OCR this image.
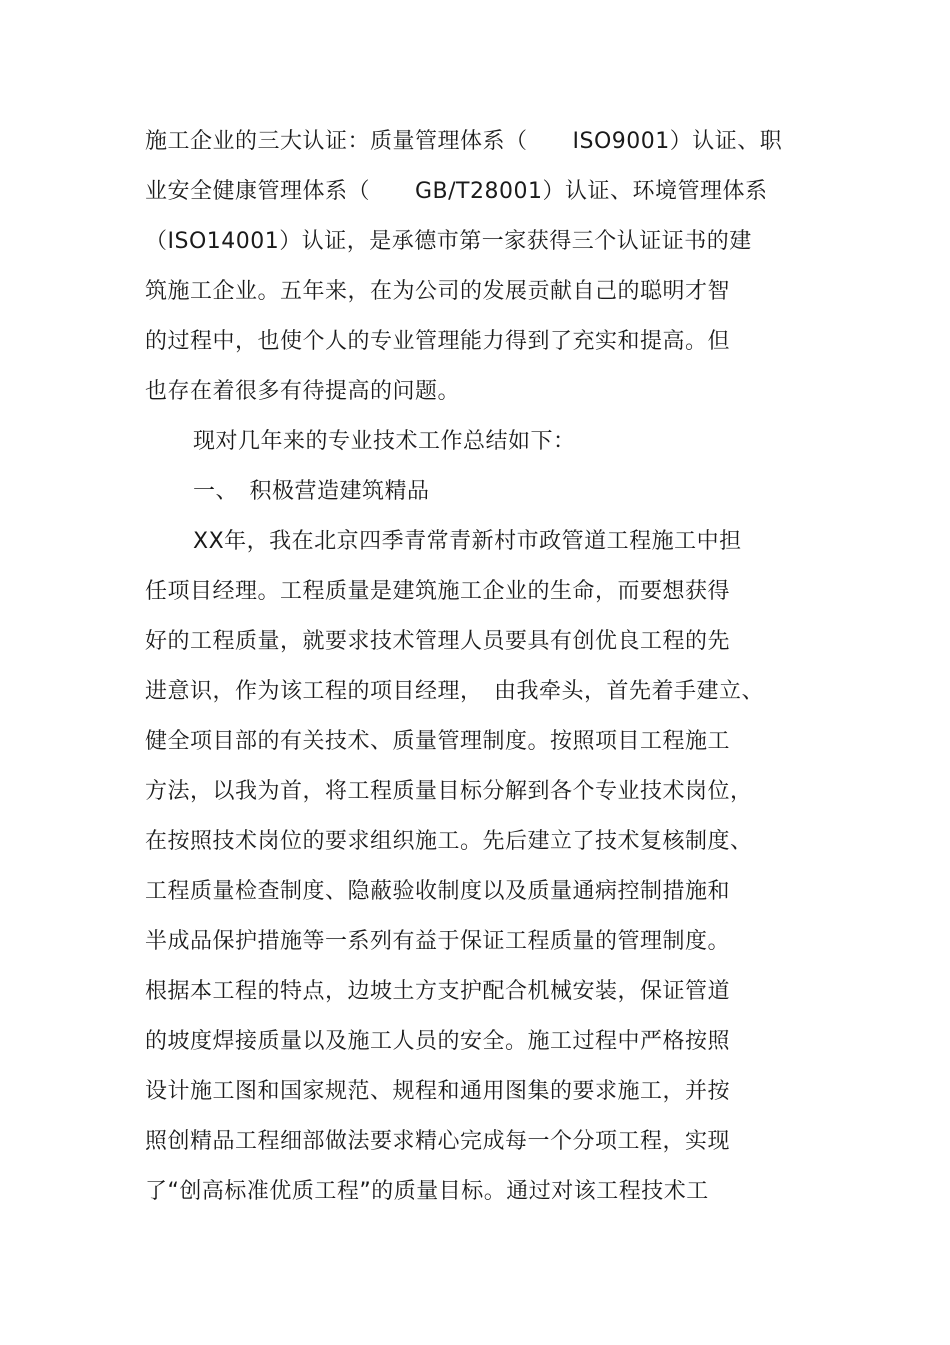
施工企业的三大认证：质量管理体系（　　ISO9001）认证、职
业安全健康管理体系（　　GB/T28001）认证、环境管理体系
（ISO14001）认证，是承德市第一家获得三个认证证书的建
筑施工企业。五年来，在为公司的发展贡献自己的聪明才智
的过程中，也使个人的专业管理能力得到了充实和提高。但
也存在着很多有待提高的问题。
现对几年来的专业技术工作总结如下：
一、　积极营造建筑精品
XX年，我在北京四季青常青新村市政管道工程施工中担
任项目经理。工程质量是建筑施工企业的生命，而要想获得
好的工程质量，就要求技术管理人员要具有创优良工程的先
进意识，作为该工程的项目经理，　由我牵头，首先着手建立、
健全项目部的有关技术、质量管理制度。按照项目工程施工
方法，以我为首，将工程质量目标分解到各个专业技术岗位，
在按照技术岗位的要求组织施工。先后建立了技术复核制度、
工程质量检查制度、隐蔽验收制度以及质量通病控制措施和
半成品保护措施等一系列有益于保证工程质量的管理制度。
根据本工程的特点，边坡土方支护配合机械安装，保证管道
的坡度焊接质量以及施工人员的安全。施工过程中严格按照
设计施工图和国家规范、规程和通用图集的要求施工，并按
照创精品工程细部做法要求精心完成每一个分项工程，实现
了“创高标准优质工程”的质量目标。通过对该工程技术工
